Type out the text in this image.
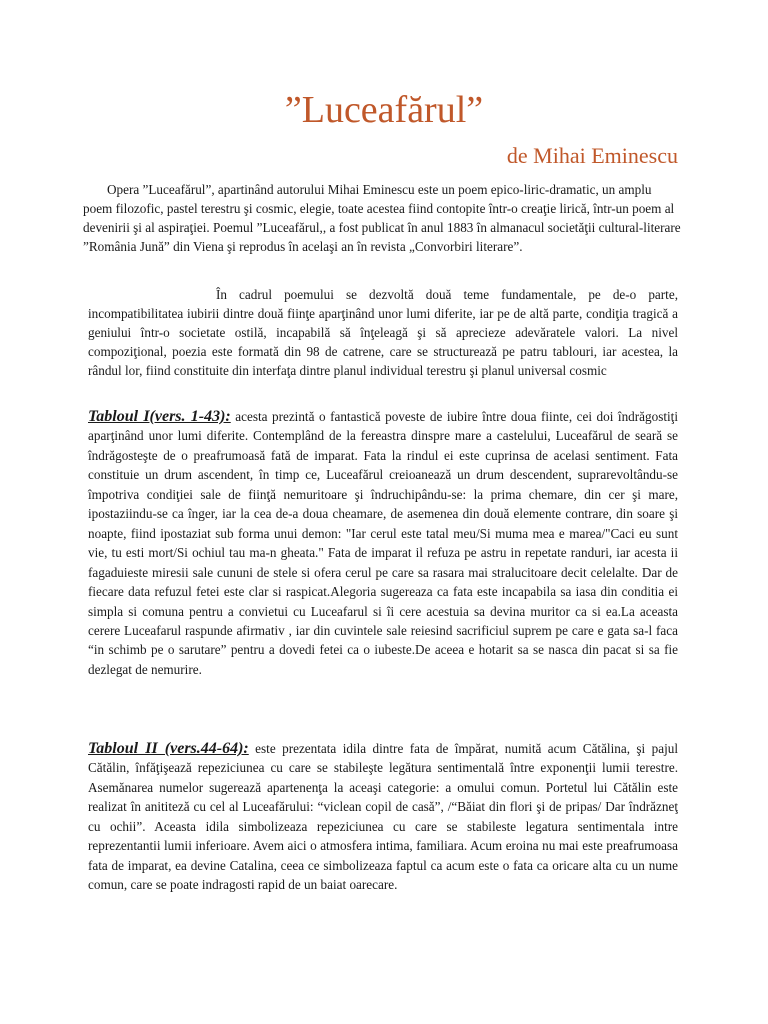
”Luceafărul”
de Mihai Eminescu
Opera ”Luceafărul”, apartinând autorului Mihai Eminescu este un poem epico-liric-dramatic, un amplu poem filozofic, pastel terestru şi cosmic, elegie, toate acestea fiind contopite într-o creaţie lirică, într-un poem al devenirii şi al aspiraţiei. Poemul ”Luceafărul,, a fost publicat în anul 1883 în almanacul societăţii cultural-literare ”România Jună” din Viena şi reprodus în acelaşi an în revista „Convorbiri literare”.
În cadrul poemului se dezvoltă două teme fundamentale, pe de-o parte, incompatibilitatea iubirii dintre două fiinţe aparţinând unor lumi diferite, iar pe de altă parte, condiţia tragică a geniului într-o societate ostilă, incapabilă să înţeleagă şi să aprecieze adevăratele valori. La nivel compoziţional, poezia este formată din 98 de catrene, care se structurează pe patru tablouri, iar acestea, la rândul lor, fiind constituite din interfaţa dintre planul individual terestru şi planul universal cosmic
Tabloul I(vers. 1-43): acesta prezintă o fantastică poveste de iubire între doua fiinte, cei doi îndrăgostiţi aparţinând unor lumi diferite. Contemplând de la fereastra dinspre mare a castelului, Luceafărul de seară se îndrăgosteşte de o preafrumoasă fată de imparat. Fata la rindul ei este cuprinsa de acelasi sentiment. Fata constituie un drum ascendent, în timp ce, Luceafărul creioanează un drum descendent, suprarevoltându-se împotriva condiţiei sale de fiinţă nemuritoare şi îndruchipându-se: la prima chemare, din cer şi mare, ipostaziindu-se ca înger, iar la cea de-a doua cheamare, de asemenea din două elemente contrare, din soare şi noapte, fiind ipostaziat sub forma unui demon: "Iar cerul este tatal meu/Si muma mea e marea/"Caci eu sunt vie, tu esti mort/Si ochiul tau ma-n gheata." Fata de imparat il refuza pe astru in repetate randuri, iar acesta ii fagaduieste miresii sale cununi de stele si ofera cerul pe care sa rasara mai stralucitoare decit celelalte. Dar de fiecare data refuzul fetei este clar si raspicat.Alegoria sugereaza ca fata este incapabila sa iasa din conditia ei simpla si comuna pentru a convietui cu Luceafarul si îi cere acestuia sa devina muritor ca si ea.La aceasta cerere Luceafarul raspunde afirmativ , iar din cuvintele sale reiesind sacrificiul suprem pe care e gata sa-l faca “in schimb pe o sarutare” pentru a dovedi fetei ca o iubeste.De aceea e hotarit sa se nasca din pacat si sa fie dezlegat de nemurire.
Tabloul II (vers.44-64): este prezentata idila dintre fata de împărat, numită acum Cătălina, şi pajul Cătălin, înfăţişează repeziciunea cu care se stabileşte legătura sentimentală între exponenţii lumii terestre. Asemănarea numelor sugerează apartenenţa la aceaşi categorie: a omului comun. Portetul lui Cătălin este realizat în anititeză cu cel al Luceafărului: “viclean copil de casă”, /“Băiat din flori şi de pripas/ Dar îndrăzneţ cu ochii”. Aceasta idila simbolizeaza repeziciunea cu care se stabileste legatura sentimentala intre reprezentantii lumii inferioare. Avem aici o atmosfera intima, familiara. Acum eroina nu mai este preafrumoasa fata de imparat, ea devine Catalina, ceea ce simbolizeaza faptul ca acum este o fata ca oricare alta cu un nume comun, care se poate indragosti rapid de un baiat oarecare.
